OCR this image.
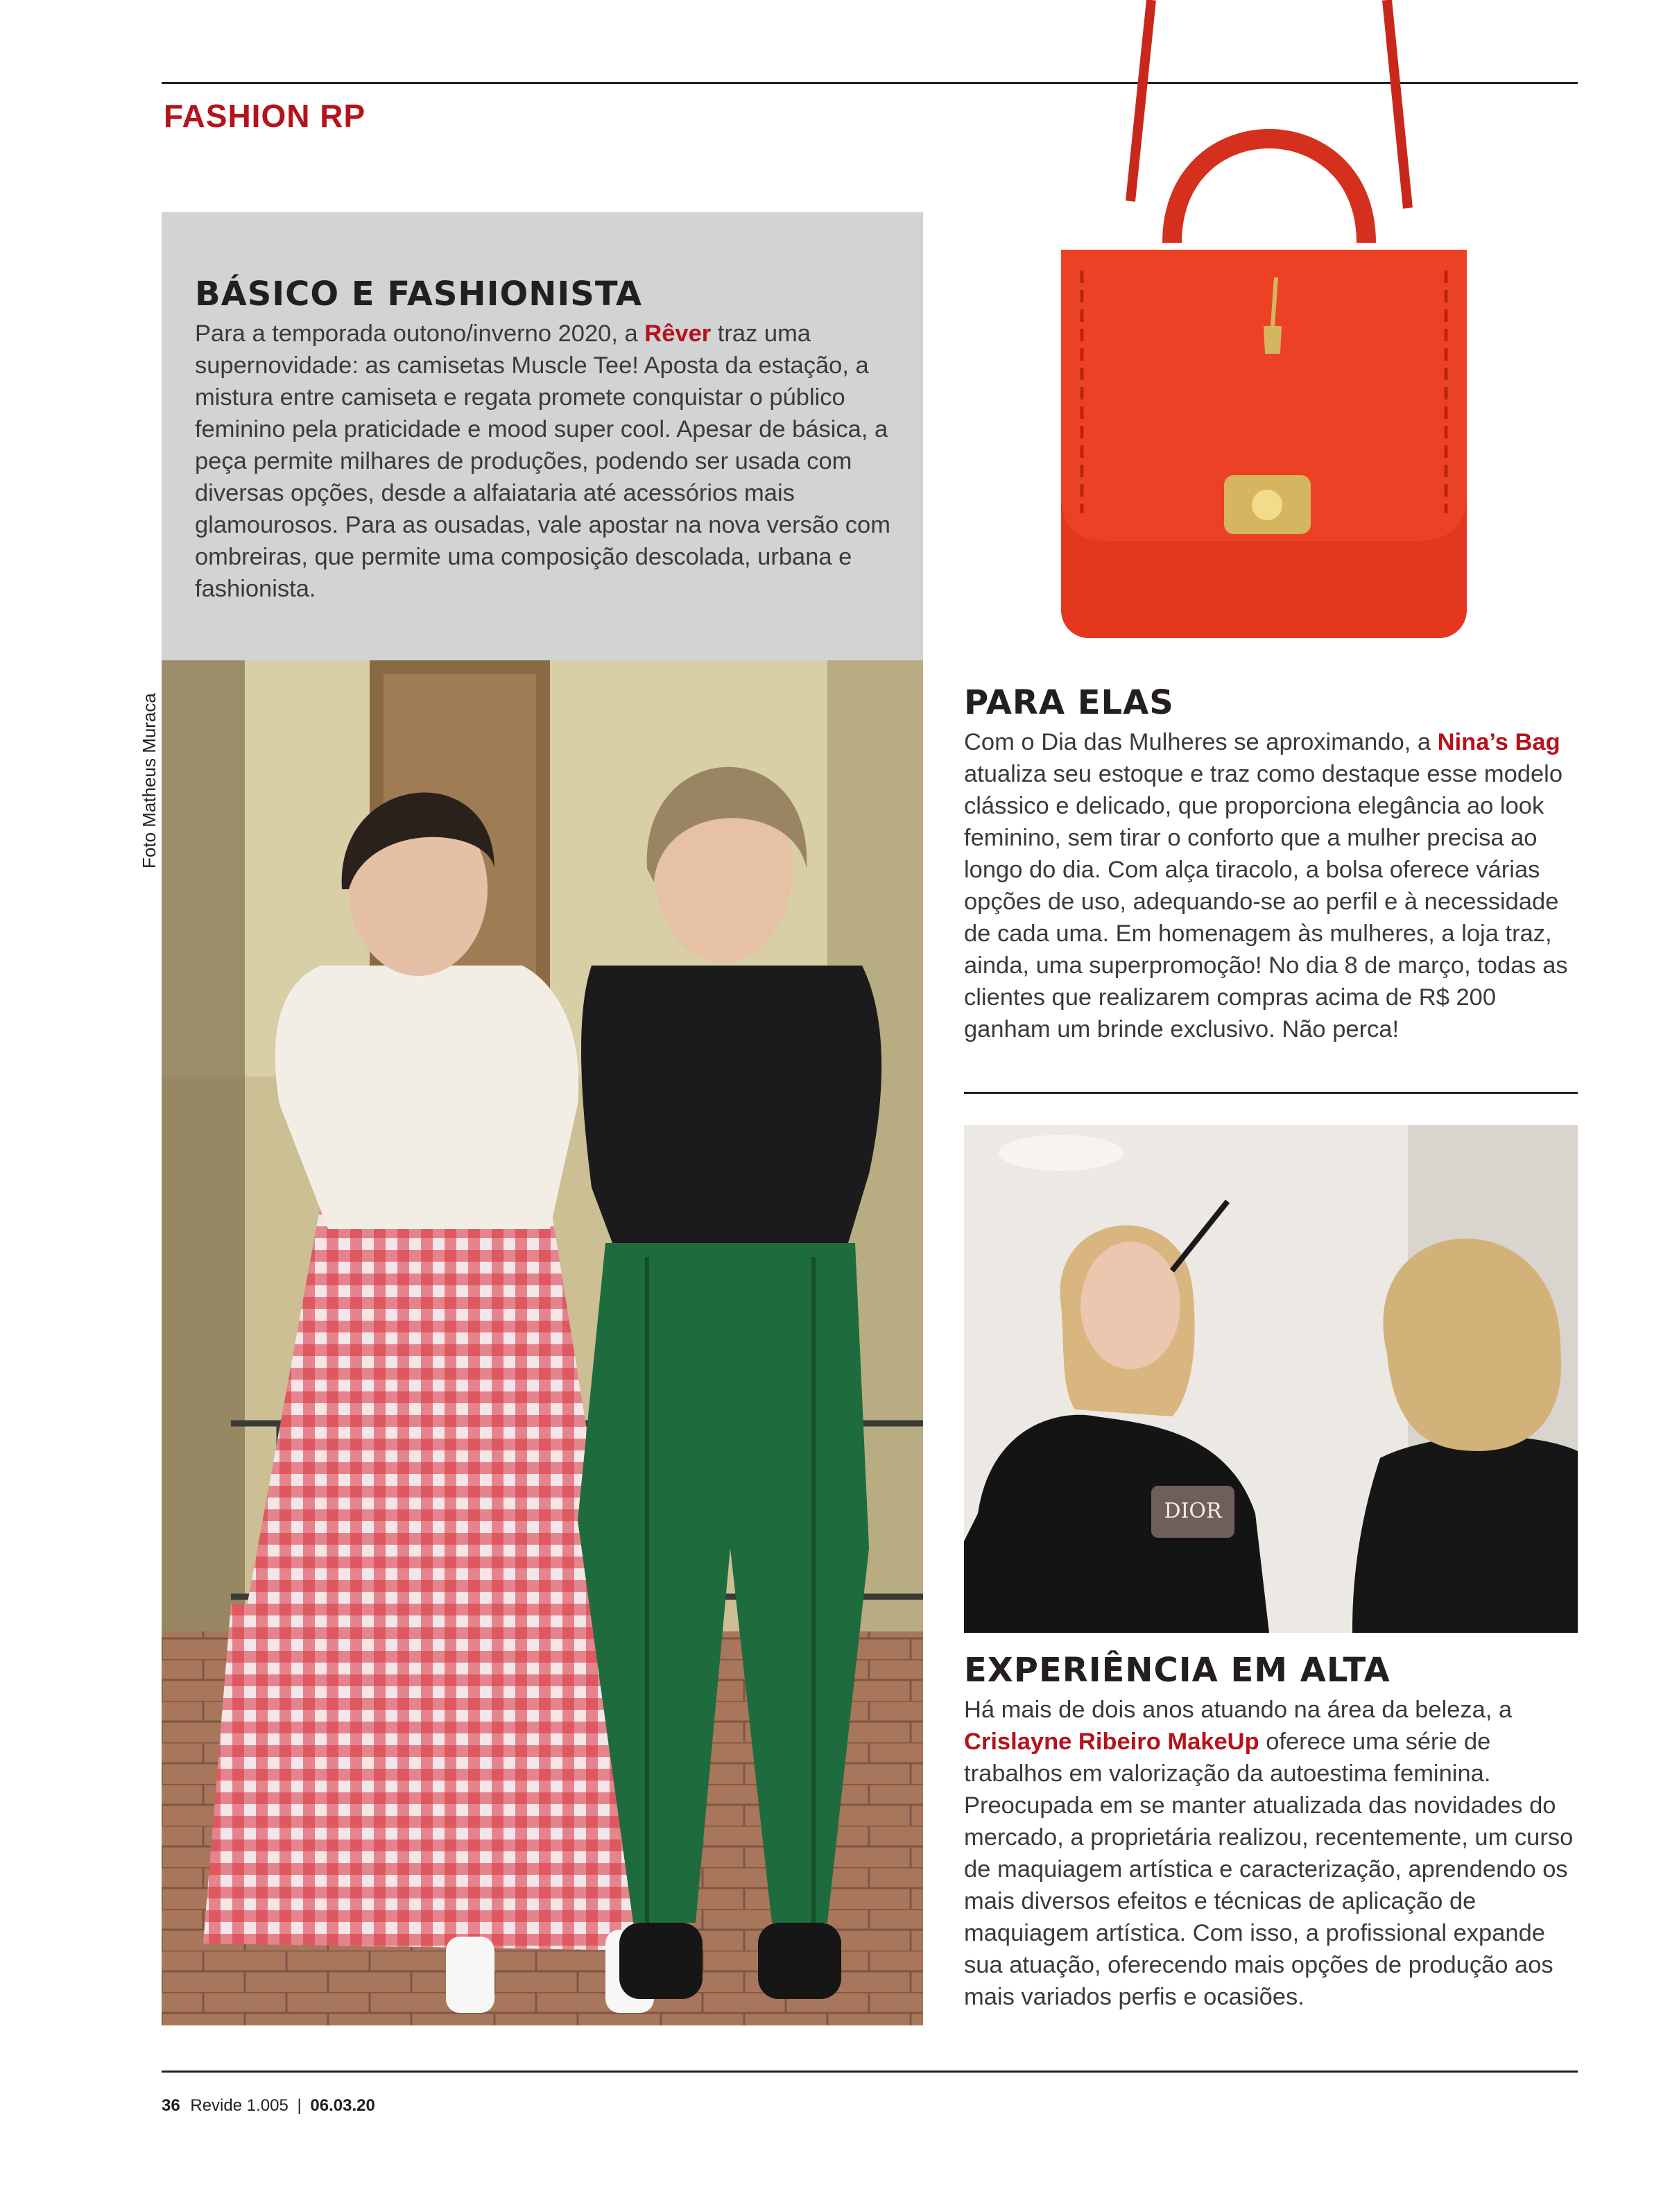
FASHION RP
BÁSICO E FASHIONISTA

Para a temporada outono/inverno 2020, a Rêver traz uma supernovidade: as camisetas Muscle Tee! Aposta da estação, a mistura entre camiseta e regata promete conquistar o público feminino pela praticidade e mood super cool. Apesar de básica, a peça permite milhares de produções, podendo ser usada com diversas opções, desde a alfaiataria até acessórios mais glamourosos. Para as ousadas, vale apostar na nova versão com ombreiras, que permite uma composição descolada, urbana e fashionista.

Foto Matheus Muraca	PARA ELAS

Com o Dia das Mulheres se aproximando, a Nina’s Bag atualiza seu estoque e traz como destaque esse modelo clássico e delicado, que proporciona elegância ao look feminino, sem tirar o conforto que a mulher precisa ao longo do dia. Com alça tiracolo, a bolsa oferece várias opções de uso, adequando-se ao perfil e à necessidade de cada uma. Em homenagem às mulheres, a loja traz, ainda, uma superpromoção! No dia 8 de março, todas as clientes que realizarem compras acima de R$ 200 ganham um brinde exclusivo. Não perca!

DIOR
EXPERIÊNCIA EM ALTA

Há mais de dois anos atuando na área da beleza, a Crislayne Ribeiro MakeUp oferece uma série de trabalhos em valorização da autoestima feminina. Preocupada em se manter atualizada das novidades do mercado, a proprietária realizou, recentemente, um curso de maquiagem artística e caracterização, aprendendo os mais diversos efeitos e técnicas de aplicação de maquiagem artística. Com isso, a profissional expande sua atuação, oferecendo mais opções de produção aos mais variados perfis e ocasiões.

36 Revide 1.005 | 06.03.20
